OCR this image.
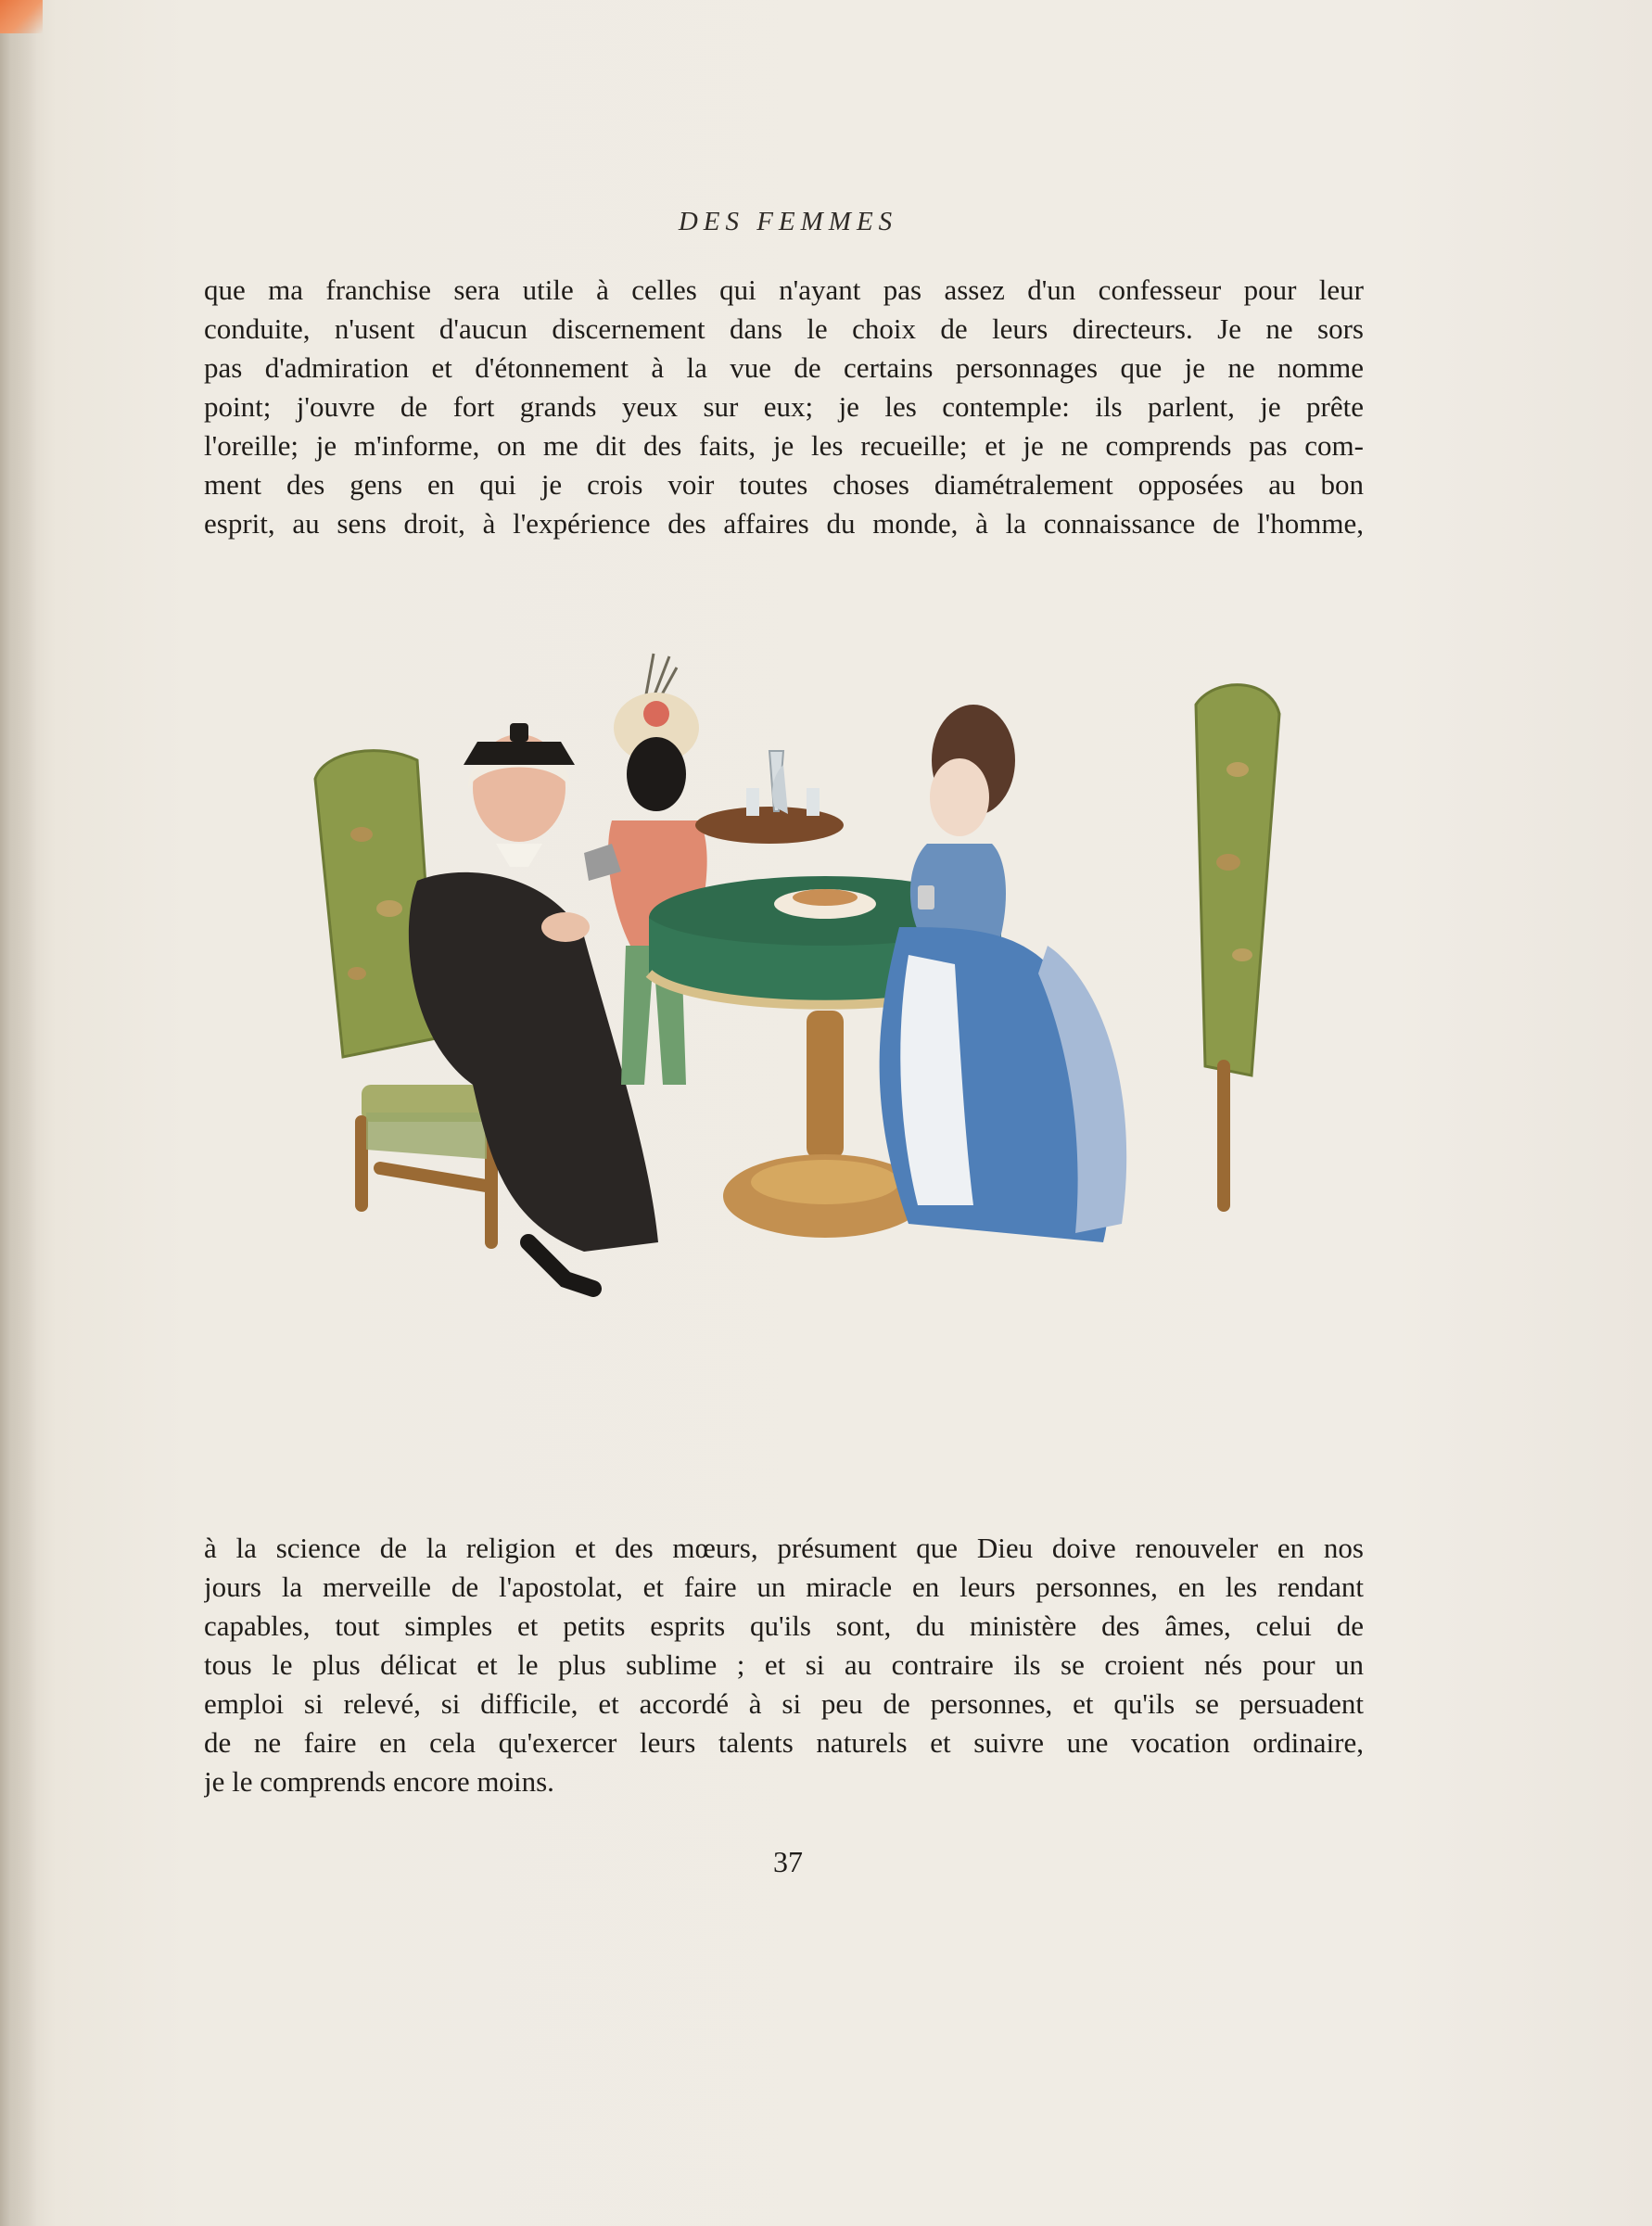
DES FEMMES

que ma franchise sera utile à celles qui n'ayant pas assez d'un confesseur pour leur
conduite, n'usent d'aucun discernement dans le choix de leurs directeurs. Je ne sors
pas d'admiration et d'étonnement à la vue de certains personnages que je ne nomme
point; j'ouvre de fort grands yeux sur eux; je les contemple: ils parlent, je prête
l'oreille; je m'informe, on me dit des faits, je les recueille; et je ne comprends pas com-
ment des gens en qui je crois voir toutes choses diamétralement opposées au bon
esprit, au sens droit, à l'expérience des affaires du monde, à la connaissance de l'homme,

à la science de la religion et des mœurs, présument que Dieu doive renouveler en nos
jours la merveille de l'apostolat, et faire un miracle en leurs personnes, en les rendant
capables, tout simples et petits esprits qu'ils sont, du ministère des âmes, celui de
tous le plus délicat et le plus sublime ; et si au contraire ils se croient nés pour un
emploi si relevé, si difficile, et accordé à si peu de personnes, et qu'ils se persuadent
de ne faire en cela qu'exercer leurs talents naturels et suivre une vocation ordinaire,
je le comprends encore moins.

37
